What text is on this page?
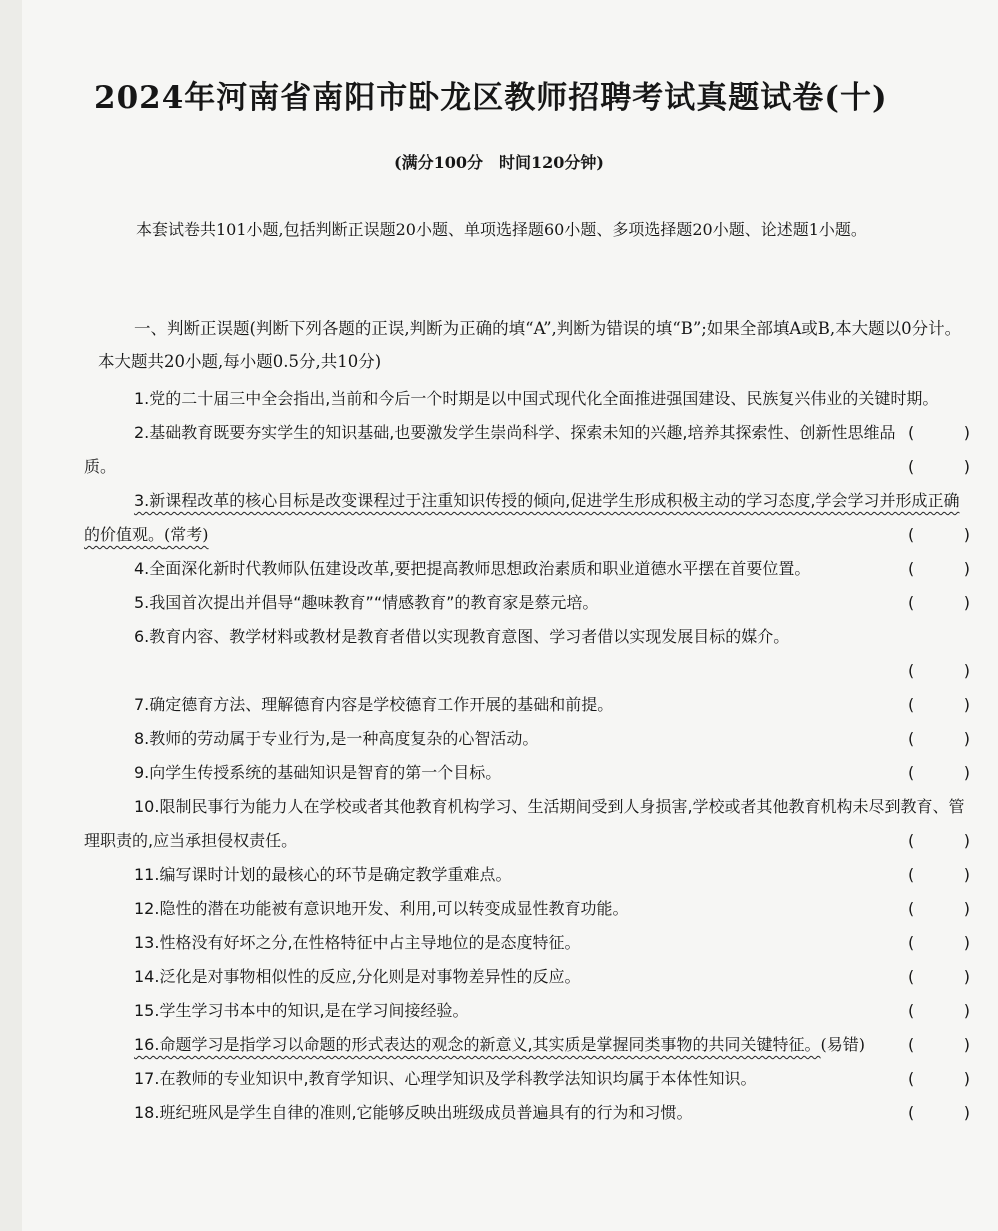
2024年河南省南阳市卧龙区教师招聘考试真题试卷(十)
(满分100分　时间120分钟)
本套试卷共101小题,包括判断正误题20小题、单项选择题60小题、多项选择题20小题、论述题1小题。
一、判断正误题(判断下列各题的正误,判断为正确的填“A”,判断为错误的填“B”;如果全部填A或B,本大题以0分计。本大题共20小题,每小题0.5分,共10分)
1.党的二十届三中全会指出,当前和今后一个时期是以中国式现代化全面推进强国建设、民族复兴伟业的关键时期。
(	)
2.基础教育既要夯实学生的知识基础,也要激发学生崇尚科学、探索未知的兴趣,培养其探索性、创新性思维品质。	(	)
3.新课程改革的核心目标是改变课程过于注重知识传授的倾向,促进学生形成积极主动的学习态度,学会学习并形成正确的价值观。(常考)	(	)
4.全面深化新时代教师队伍建设改革,要把提高教师思想政治素质和职业道德水平摆在首要位置。	(	)
5.我国首次提出并倡导“趣味教育”“情感教育”的教育家是蔡元培。	(	)
6.教育内容、教学材料或教材是教育者借以实现教育意图、学习者借以实现发展目标的媒介。
(	)
7.确定德育方法、理解德育内容是学校德育工作开展的基础和前提。	(	)
8.教师的劳动属于专业行为,是一种高度复杂的心智活动。	(	)
9.向学生传授系统的基础知识是智育的第一个目标。	(	)
10.限制民事行为能力人在学校或者其他教育机构学习、生活期间受到人身损害,学校或者其他教育机构未尽到教育、管理职责的,应当承担侵权责任。	(	)
11.编写课时计划的最核心的环节是确定教学重难点。	(	)
12.隐性的潜在功能被有意识地开发、利用,可以转变成显性教育功能。	(	)
13.性格没有好坏之分,在性格特征中占主导地位的是态度特征。	(	)
14.泛化是对事物相似性的反应,分化则是对事物差异性的反应。	(	)
15.学生学习书本中的知识,是在学习间接经验。	(	)
16.命题学习是指学习以命题的形式表达的观念的新意义,其实质是掌握同类事物的共同关键特征。(易错)	(	)
17.在教师的专业知识中,教育学知识、心理学知识及学科教学法知识均属于本体性知识。	(	)
18.班纪班风是学生自律的准则,它能够反映出班级成员普遍具有的行为和习惯。	(	)
